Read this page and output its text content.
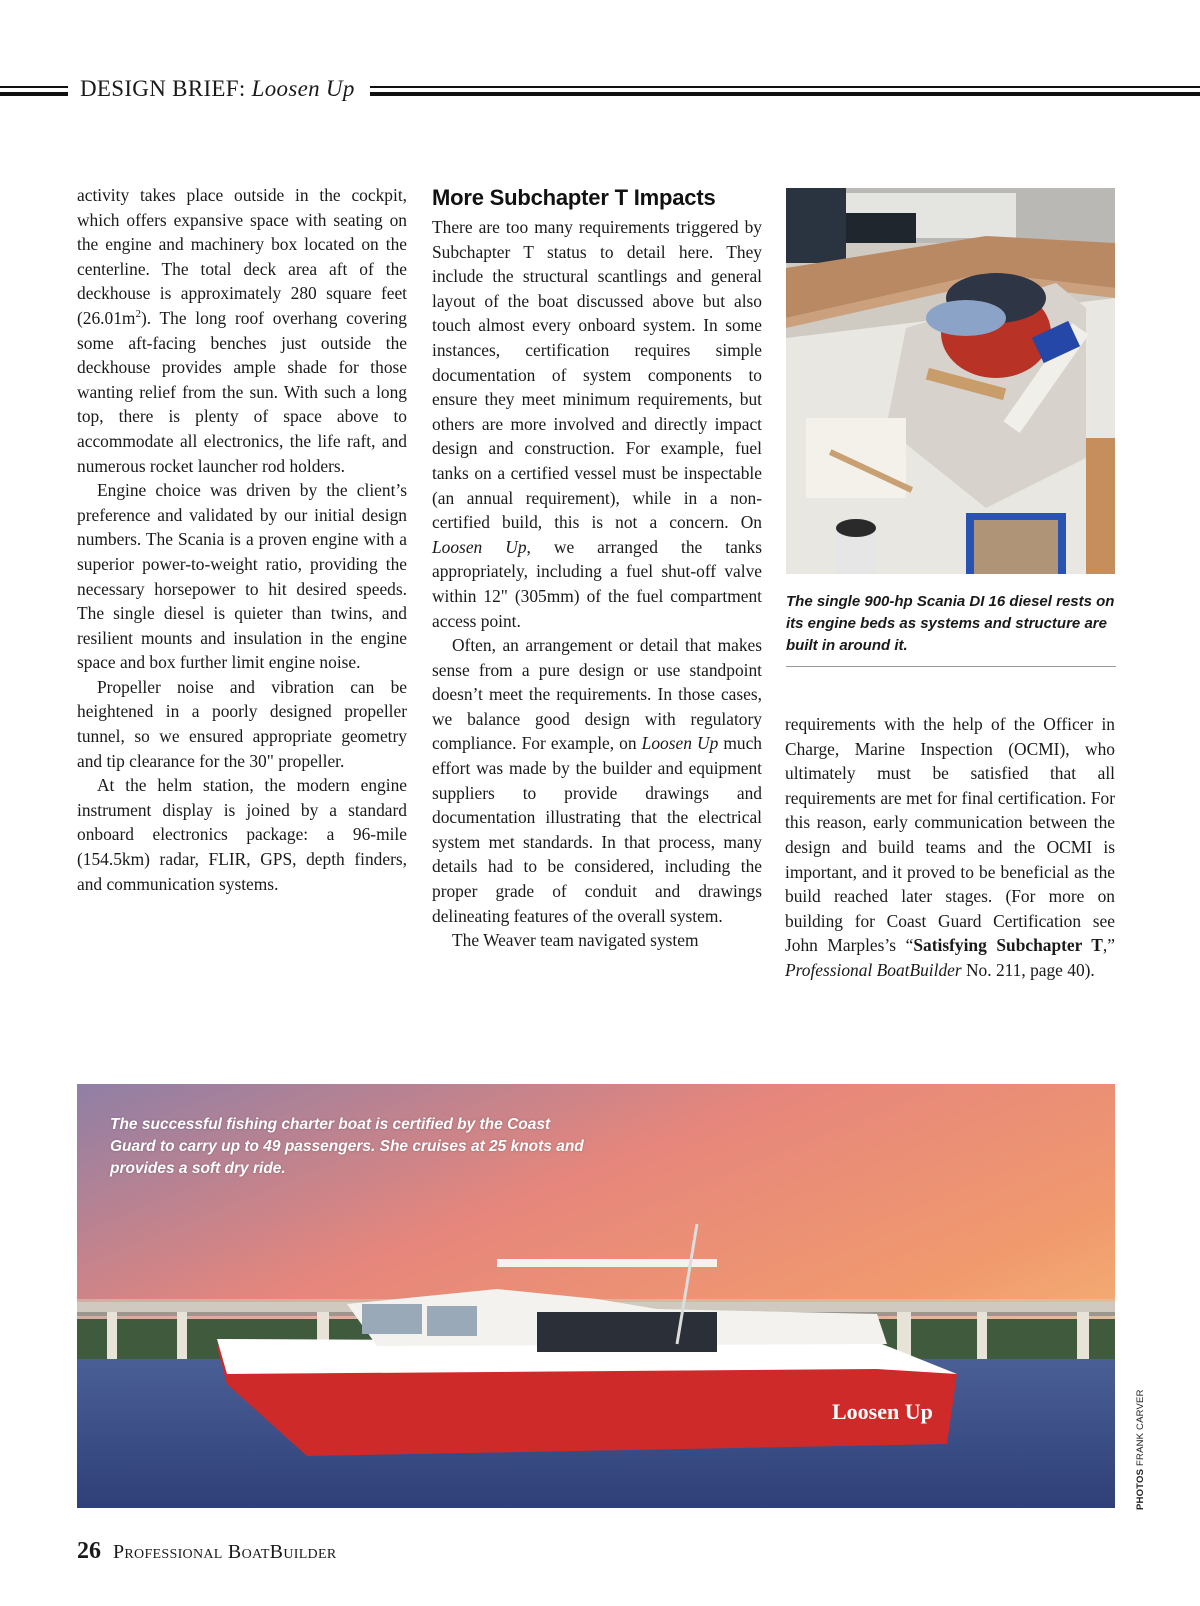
DESIGN BRIEF: Loosen Up

activity takes place outside in the cockpit, which offers expansive space with seating on the engine and machinery box located on the centerline. The total deck area aft of the deckhouse is approximately 280 square feet $(26.01m^2)$. The long roof overhang covering some aft-facing benches just outside the deckhouse provides ample shade for those wanting relief from the sun. With such a long top, there is plenty of space above to accommodate all electronics, the life raft, and numerous rocket launcher rod holders.

Engine choice was driven by the client’s preference and validated by our initial design numbers. The Scania is a proven engine with a superior power-to-weight ratio, providing the necessary horsepower to hit desired speeds. The single diesel is quieter than twins, and resilient mounts and insulation in the engine space and box further limit engine noise.

Propeller noise and vibration can be heightened in a poorly designed propeller tunnel, so we ensured appropriate geometry and tip clearance for the 30" propeller.

At the helm station, the modern engine instrument display is joined by a standard onboard electronics package: a 96-mile (154.5km) radar, FLIR, GPS, depth finders, and communication systems.

More Subchapter T Impacts

There are too many requirements triggered by Subchapter T status to detail here. They include the structural scantlings and general layout of the boat discussed above but also touch almost every onboard system. In some instances, certification requires simple documentation of system components to ensure they meet minimum requirements, but others are more involved and directly impact design and construction. For example, fuel tanks on a certified vessel must be inspectable (an annual requirement), while in a non-certified build, this is not a concern. On Loosen Up, we arranged the tanks appropriately, including a fuel shut-off valve within 12" (305mm) of the fuel compartment access point.

Often, an arrangement or detail that makes sense from a pure design or use standpoint doesn’t meet the requirements. In those cases, we balance good design with regulatory compliance. For example, on Loosen Up much effort was made by the builder and equipment suppliers to provide drawings and documentation illustrating that the electrical system met standards. In that process, many details had to be considered, including the proper grade of conduit and drawings delineating features of the overall system.

The Weaver team navigated system

The single 900-hp Scania DI 16 diesel rests on its engine beds as systems and structure are built in around it.

requirements with the help of the Officer in Charge, Marine Inspection (OCMI), who ultimately must be satisfied that all requirements are met for final certification. For this reason, early communication between the design and build teams and the OCMI is important, and it proved to be beneficial as the build reached later stages. (For more on building for Coast Guard Certification see John Marples’s “Satisfying Subchapter T,” Professional BoatBuilder No. 211, page 40).

Loosen Up
The successful fishing charter boat is certified by the Coast Guard to carry up to 49 passengers. She cruises at 25 knots and provides a soft dry ride.
PHOTOS FRANK CARVER
26 Professional BoatBuilder
